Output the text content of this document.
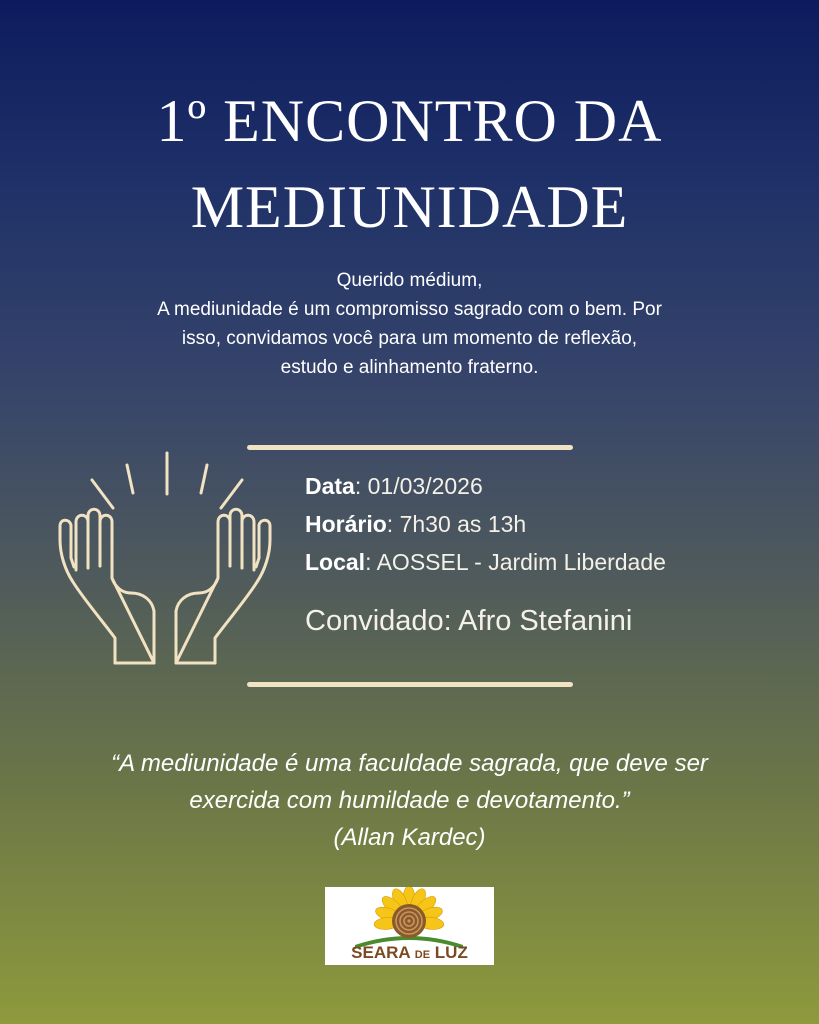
1º ENCONTRO DA
MEDIUNIDADE
Querido médium,
A mediunidade é um compromisso sagrado com o bem. Por
isso, convidamos você para um momento de reflexão,
estudo e alinhamento fraterno.
Data: 01/03/2026
Horário: 7h30 as 13h
Local: AOSSEL - Jardim Liberdade
Convidado: Afro Stefanini
“A mediunidade é uma faculdade sagrada, que deve ser
exercida com humildade e devotamento.”
(Allan Kardec)
SEARA DE LUZ
